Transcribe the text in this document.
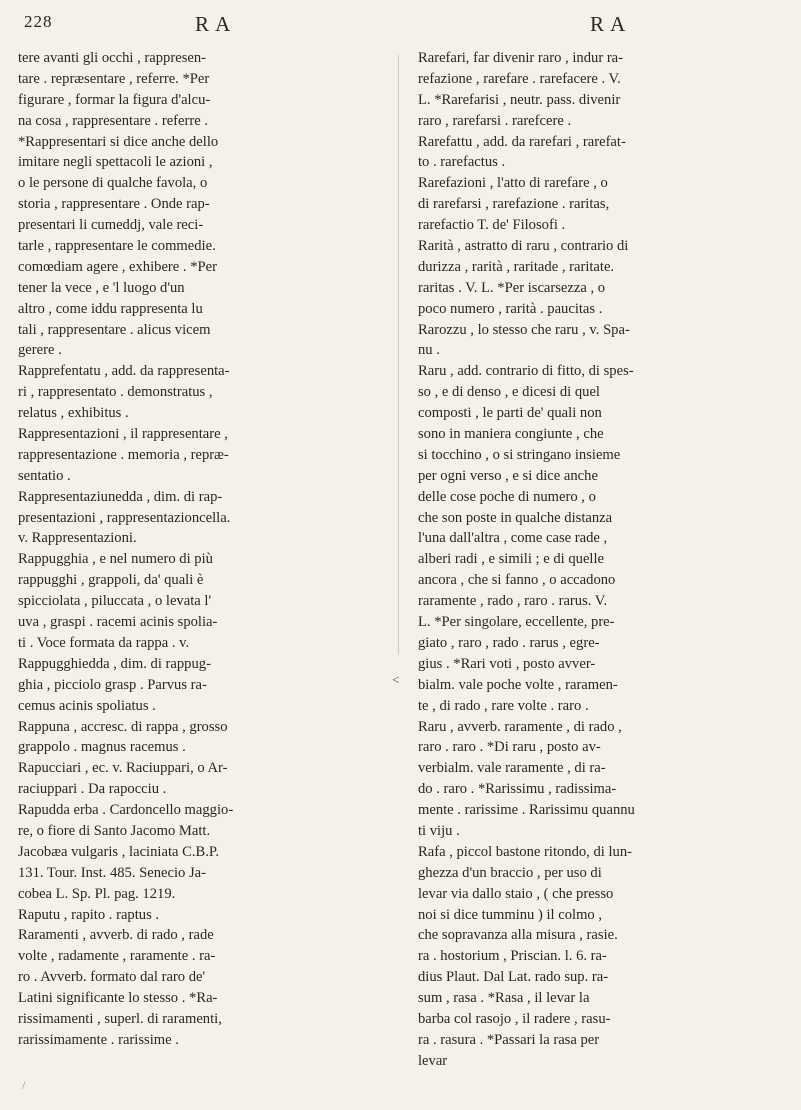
228	R A	R A
tere avanti gli occhi , rappresen-
tare . repræsentare , referre. *Per
figurare , formar la figura d'alcu-
na cosa , rappresentare . referre .
*Rappresentari si dice anche dello
imitare negli spettacoli le azioni ,
o le persone di qualche favola, o
storia , rappresentare . Onde rap-
presentari li cumeddj, vale reci-
tarle , rappresentare le commedie.
comœdiam agere , exhibere . *Per
tener la vece , e 'l luogo d'un
altro , come iddu rappresenta lu
tali , rappresentare . alicus vicem
gerere .
Rapprefentatu , add. da rappresenta-
ri , rappresentato . demonstratus ,
relatus , exhibitus .
Rappresentazioni , il rappresentare ,
rappresentazione . memoria , repræ-
sentatio .
Rappresentaziunedda , dim. di rap-
presentazioni , rappresentazioncella.
v. Rappresentazioni.
Rappugghia , e nel numero di più
rappugghi , grappoli, da' quali è
spicciolata , piluccata , o levata l'
uva , graspi . racemi acinis spolia-
ti . Voce formata da rappa . v.
Rappugghiedda , dim. di rappug-
ghia , picciolo grasp . Parvus ra-
cemus acinis spoliatus .
Rappuna , accresc. di rappa , grosso
grappolo . magnus racemus .
Rapucciari , ec. v. Raciuppari, o Ar-
raciuppari . Da rapocciu .
Rapudda erba . Cardoncello maggio-
re, o fiore di Santo Jacomo Matt.
Jacobæa vulgaris , laciniata C.B.P.
131. Tour. Inst. 485. Senecio Ja-
cobea L. Sp. Pl. pag. 1219.
Raputu , rapito . raptus .
Raramenti , avverb. di rado , rade
volte , radamente , raramente . ra-
ro . Avverb. formato dal raro de'
Latini significante lo stesso . *Ra-
rissimamenti , superl. di raramenti,
rarissimamente . rarissime .
Rarefari, far divenir raro , indur ra-
refazione , rarefare . rarefacere . V.
L. *Rarefarisi , neutr. pass. divenir
raro , rarefarsi . rarefcere .
Rarefattu , add. da rarefari , rarefat-
to . rarefactus .
Rarefazioni , l'atto di rarefare , o
di rarefarsi , rarefazione . raritas,
rarefactio T. de' Filosofi .
Rarità , astratto di raru , contrario di
durizza , rarità , raritade , raritate.
raritas . V. L. *Per iscarsezza , o
poco numero , rarità . paucitas .
Rarozzu , lo stesso che raru , v. Spa-
nu .
Raru , add. contrario di fitto, di spes-
so , e di denso , e dicesi di quel
composti , le parti de' quali non
sono in maniera congiunte , che
si tocchino , o si stringano insieme
per ogni verso , e si dice anche
delle cose poche di numero , o
che son poste in qualche distanza
l'una dall'altra , come case rade ,
alberi radi , e simili ; e di quelle
ancora , che si fanno , o accadono
raramente , rado , raro . rarus. V.
L. *Per singolare, eccellente, pre-
giato , raro , rado . rarus , egre-
gius . *Rari voti , posto avver-
bialm. vale poche volte , raramen-
te , di rado , rare volte . raro .
Raru , avverb. raramente , di rado ,
raro . raro . *Di raru , posto av-
verbialm. vale raramente , di ra-
do . raro . *Rarissimu , radissima-
mente . rarissime . Rarissimu quannu
ti viju .
Rafa , piccol bastone ritondo, di lun-
ghezza d'un braccio , per uso di
levar via dallo staio , ( che presso
noi si dice tumminu ) il colmo ,
che sopravanza alla misura , rasie.
ra . hostorium , Priscian. l. 6. ra-
dius Plaut. Dal Lat. rado sup. ra-
sum , rasa . *Rasa , il levar la
barba col rasojo , il radere , rasu-
ra . rasura . *Passari la rasa per
levar
˂
/
